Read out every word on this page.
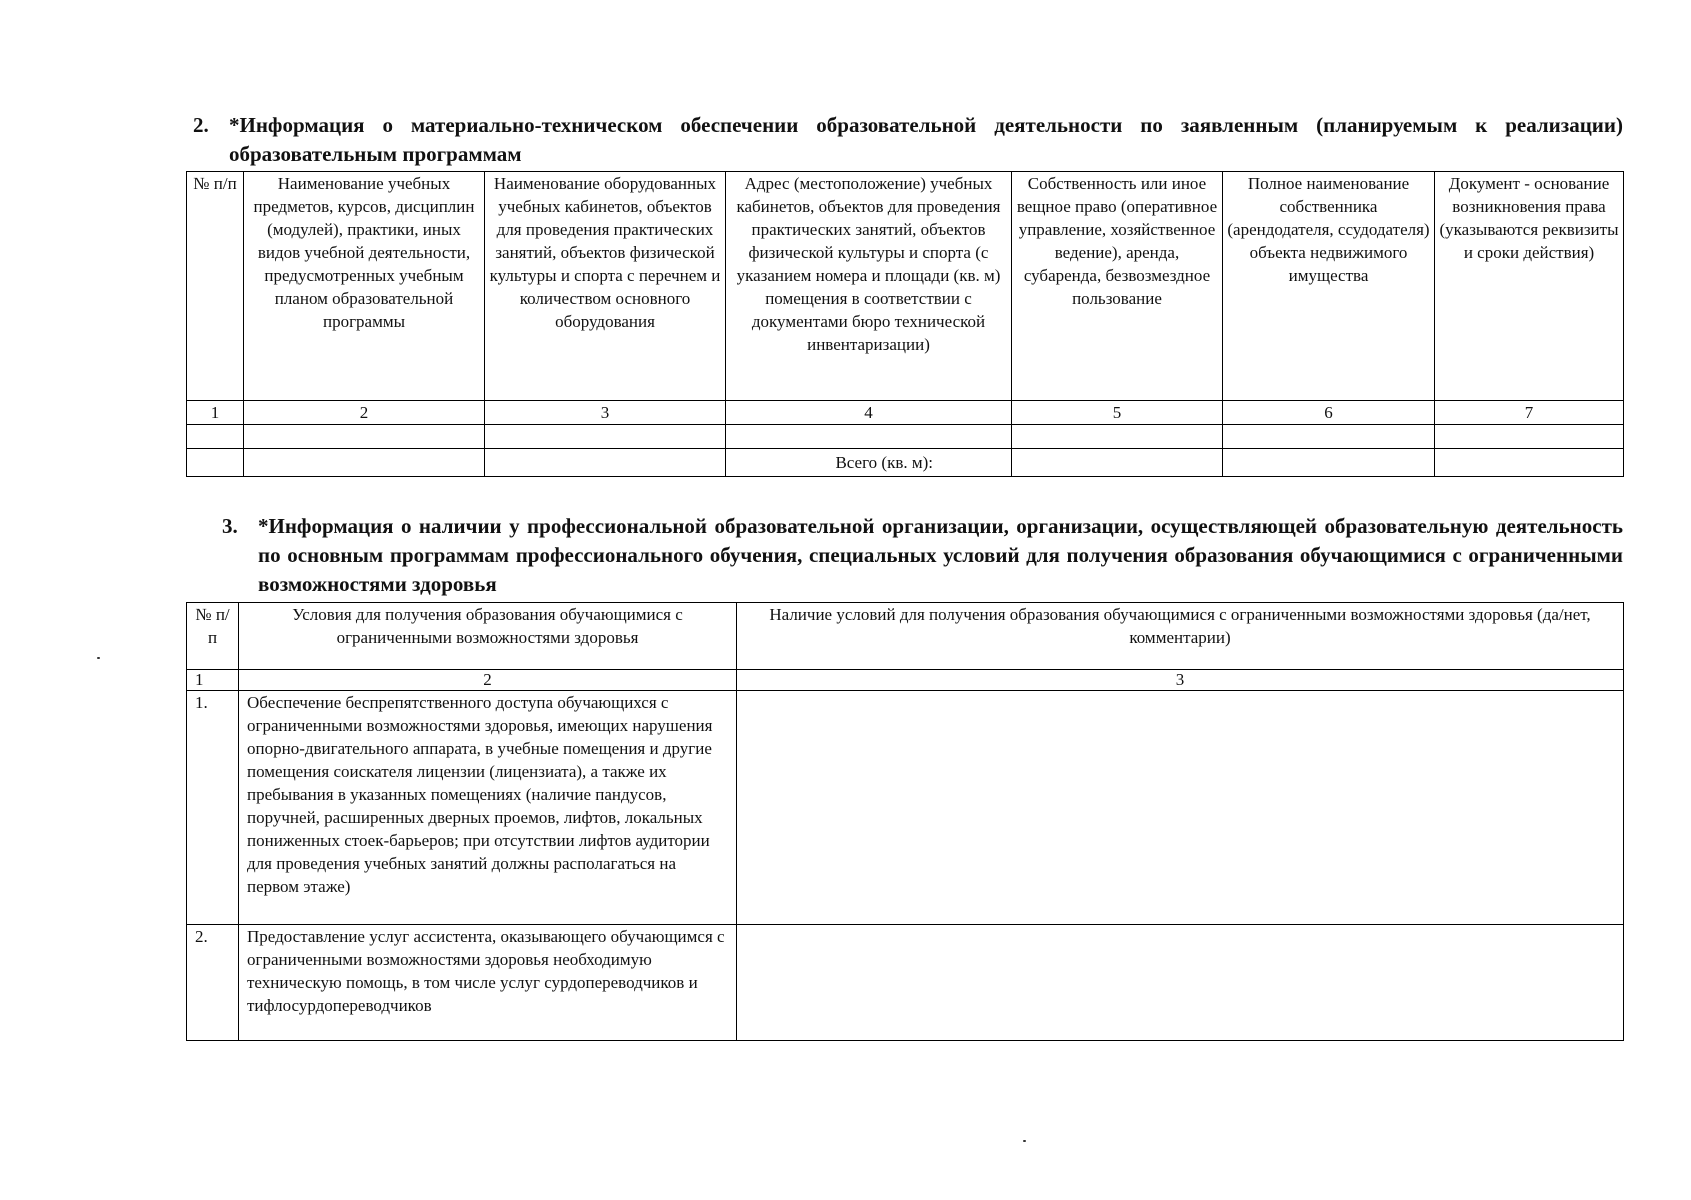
2. *Информация о материально-техническом обеспечении образовательной деятельности по заявленным (планируемым к реализации) образовательным программам
№ п/п	Наименование учебных предметов, курсов, дисциплин (модулей), практики, иных видов учебной деятельности, предусмотренных учебным планом образовательной программы	Наименование оборудованных учебных кабинетов, объектов для проведения практических занятий, объектов физической культуры и спорта с перечнем и количеством основного оборудования	Адрес (местоположение) учебных кабинетов, объектов для проведения практических занятий, объектов физической культуры и спорта (с указанием номера и площади (кв. м) помещения в соответствии с документами бюро технической инвентаризации)	Собственность или иное вещное право (оперативное управление, хозяйственное ведение), аренда, субаренда, безвозмездное пользование	Полное наименование собственника (арендодателя, ссудодателя) объекта недвижимого имущества	Документ - основание возникновения права (указываются реквизиты и сроки действия)
1	2	3	4	5	6	7

			Всего (кв. м):			
3. *Информация о наличии у профессиональной образовательной организации, организации, осуществляющей образовательную деятельность по основным программам профессионального обучения, специальных условий для получения образования обучающимися с ограниченными возможностями здоровья
№ п/п	Условия для получения образования обучающимися с ограниченными возможностями здоровья	Наличие условий для получения образования обучающимися с ограниченными возможностями здоровья (да/нет, комментарии)
1	2	3
1.	Обеспечение беспрепятственного доступа обучающихся с ограниченными возможностями здоровья, имеющих нарушения опорно-двигательного аппарата, в учебные помещения и другие помещения соискателя лицензии (лицензиата), а также их пребывания в указанных помещениях (наличие пандусов, поручней, расширенных дверных проемов, лифтов, локальных пониженных стоек-барьеров; при отсутствии лифтов аудитории для проведения учебных занятий должны располагаться на первом этаже)	
2.	Предоставление услуг ассистента, оказывающего обучающимся с ограниченными возможностями здоровья необходимую техническую помощь, в том числе услуг сурдопереводчиков и тифлосурдопереводчиков	
